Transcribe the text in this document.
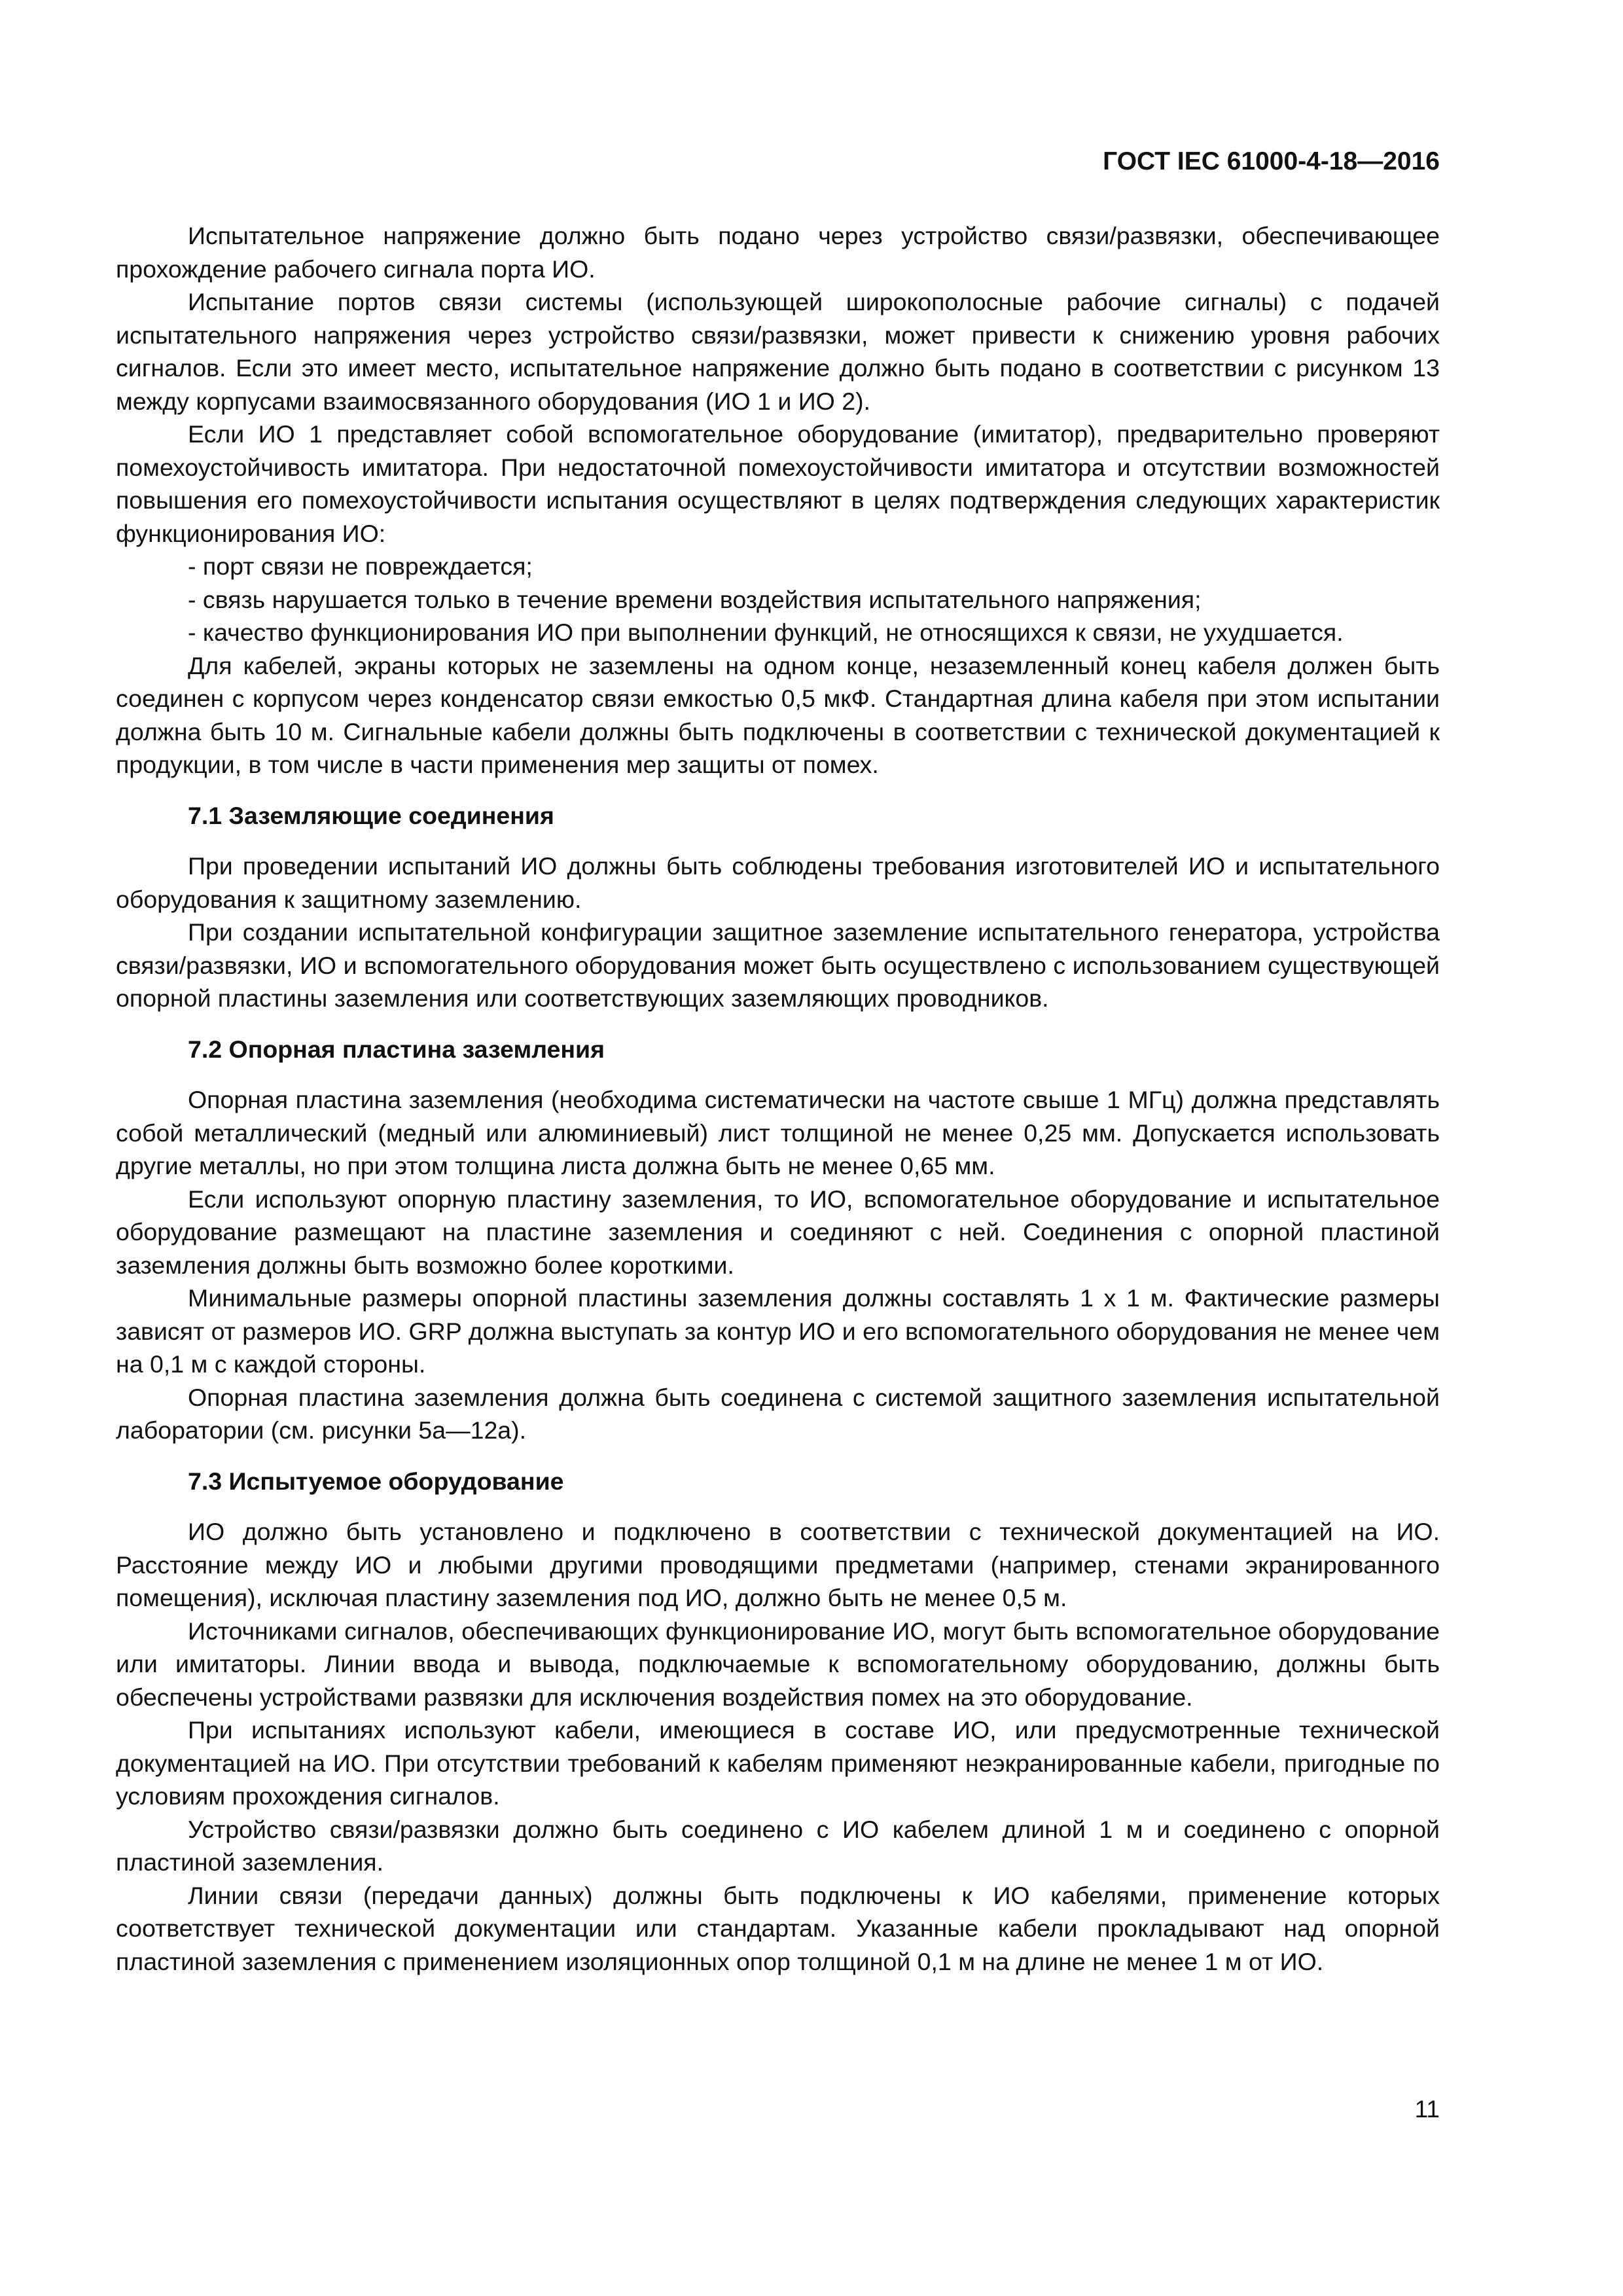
ГОСТ IEC 61000-4-18—2016

Испытательное напряжение должно быть подано через устройство связи/развязки, обеспечивающее прохождение рабочего сигнала порта ИО.

Испытание портов связи системы (использующей широкополосные рабочие сигналы) с подачей испытательного напряжения через устройство связи/развязки, может привести к снижению уровня рабочих сигналов. Если это имеет место, испытательное напряжение должно быть подано в соответствии с рисунком 13 между корпусами взаимосвязанного оборудования (ИО 1 и ИО 2).

Если ИО 1 представляет собой вспомогательное оборудование (имитатор), предварительно проверяют помехоустойчивость имитатора. При недостаточной помехоустойчивости имитатора и отсутствии возможностей повышения его помехоустойчивости испытания осуществляют в целях подтверждения следующих характеристик функционирования ИО:

- порт связи не повреждается;

- связь нарушается только в течение времени воздействия испытательного напряжения;

- качество функционирования ИО при выполнении функций, не относящихся к связи, не ухудшается.

Для кабелей, экраны которых не заземлены на одном конце, незаземленный конец кабеля должен быть соединен с корпусом через конденсатор связи емкостью 0,5 мкФ. Стандартная длина кабеля при этом испытании должна быть 10 м. Сигнальные кабели должны быть подключены в соответствии с технической документацией к продукции, в том числе в части применения мер защиты от помех.

7.1 Заземляющие соединения

При проведении испытаний ИО должны быть соблюдены требования изготовителей ИО и испытательного оборудования к защитному заземлению.

При создании испытательной конфигурации защитное заземление испытательного генератора, устройства связи/развязки, ИО и вспомогательного оборудования может быть осуществлено с использованием существующей опорной пластины заземления или соответствующих заземляющих проводников.

7.2 Опорная пластина заземления

Опорная пластина заземления (необходима систематически на частоте свыше 1 МГц) должна представлять собой металлический (медный или алюминиевый) лист толщиной не менее 0,25 мм. Допускается использовать другие металлы, но при этом толщина листа должна быть не менее 0,65 мм.

Если используют опорную пластину заземления, то ИО, вспомогательное оборудование и испытательное оборудование размещают на пластине заземления и соединяют с ней. Соединения с опорной пластиной заземления должны быть возможно более короткими.

Минимальные размеры опорной пластины заземления должны составлять 1 х 1 м. Фактические размеры зависят от размеров ИО. GRP должна выступать за контур ИО и его вспомогательного оборудования не менее чем на 0,1 м с каждой стороны.

Опорная пластина заземления должна быть соединена с системой защитного заземления испытательной лаборатории (см. рисунки 5а—12а).

7.3 Испытуемое оборудование

ИО должно быть установлено и подключено в соответствии с технической документацией на ИО. Расстояние между ИО и любыми другими проводящими предметами (например, стенами экранированного помещения), исключая пластину заземления под ИО, должно быть не менее 0,5 м.

Источниками сигналов, обеспечивающих функционирование ИО, могут быть вспомогательное оборудование или имитаторы. Линии ввода и вывода, подключаемые к вспомогательному оборудованию, должны быть обеспечены устройствами развязки для исключения воздействия помех на это оборудование.

При испытаниях используют кабели, имеющиеся в составе ИО, или предусмотренные технической документацией на ИО. При отсутствии требований к кабелям применяют неэкранированные кабели, пригодные по условиям прохождения сигналов.

Устройство связи/развязки должно быть соединено с ИО кабелем длиной 1 м и соединено с опорной пластиной заземления.

Линии связи (передачи данных) должны быть подключены к ИО кабелями, применение которых соответствует технической документации или стандартам. Указанные кабели прокладывают над опорной пластиной заземления с применением изоляционных опор толщиной 0,1 м на длине не менее 1 м от ИО.

11
